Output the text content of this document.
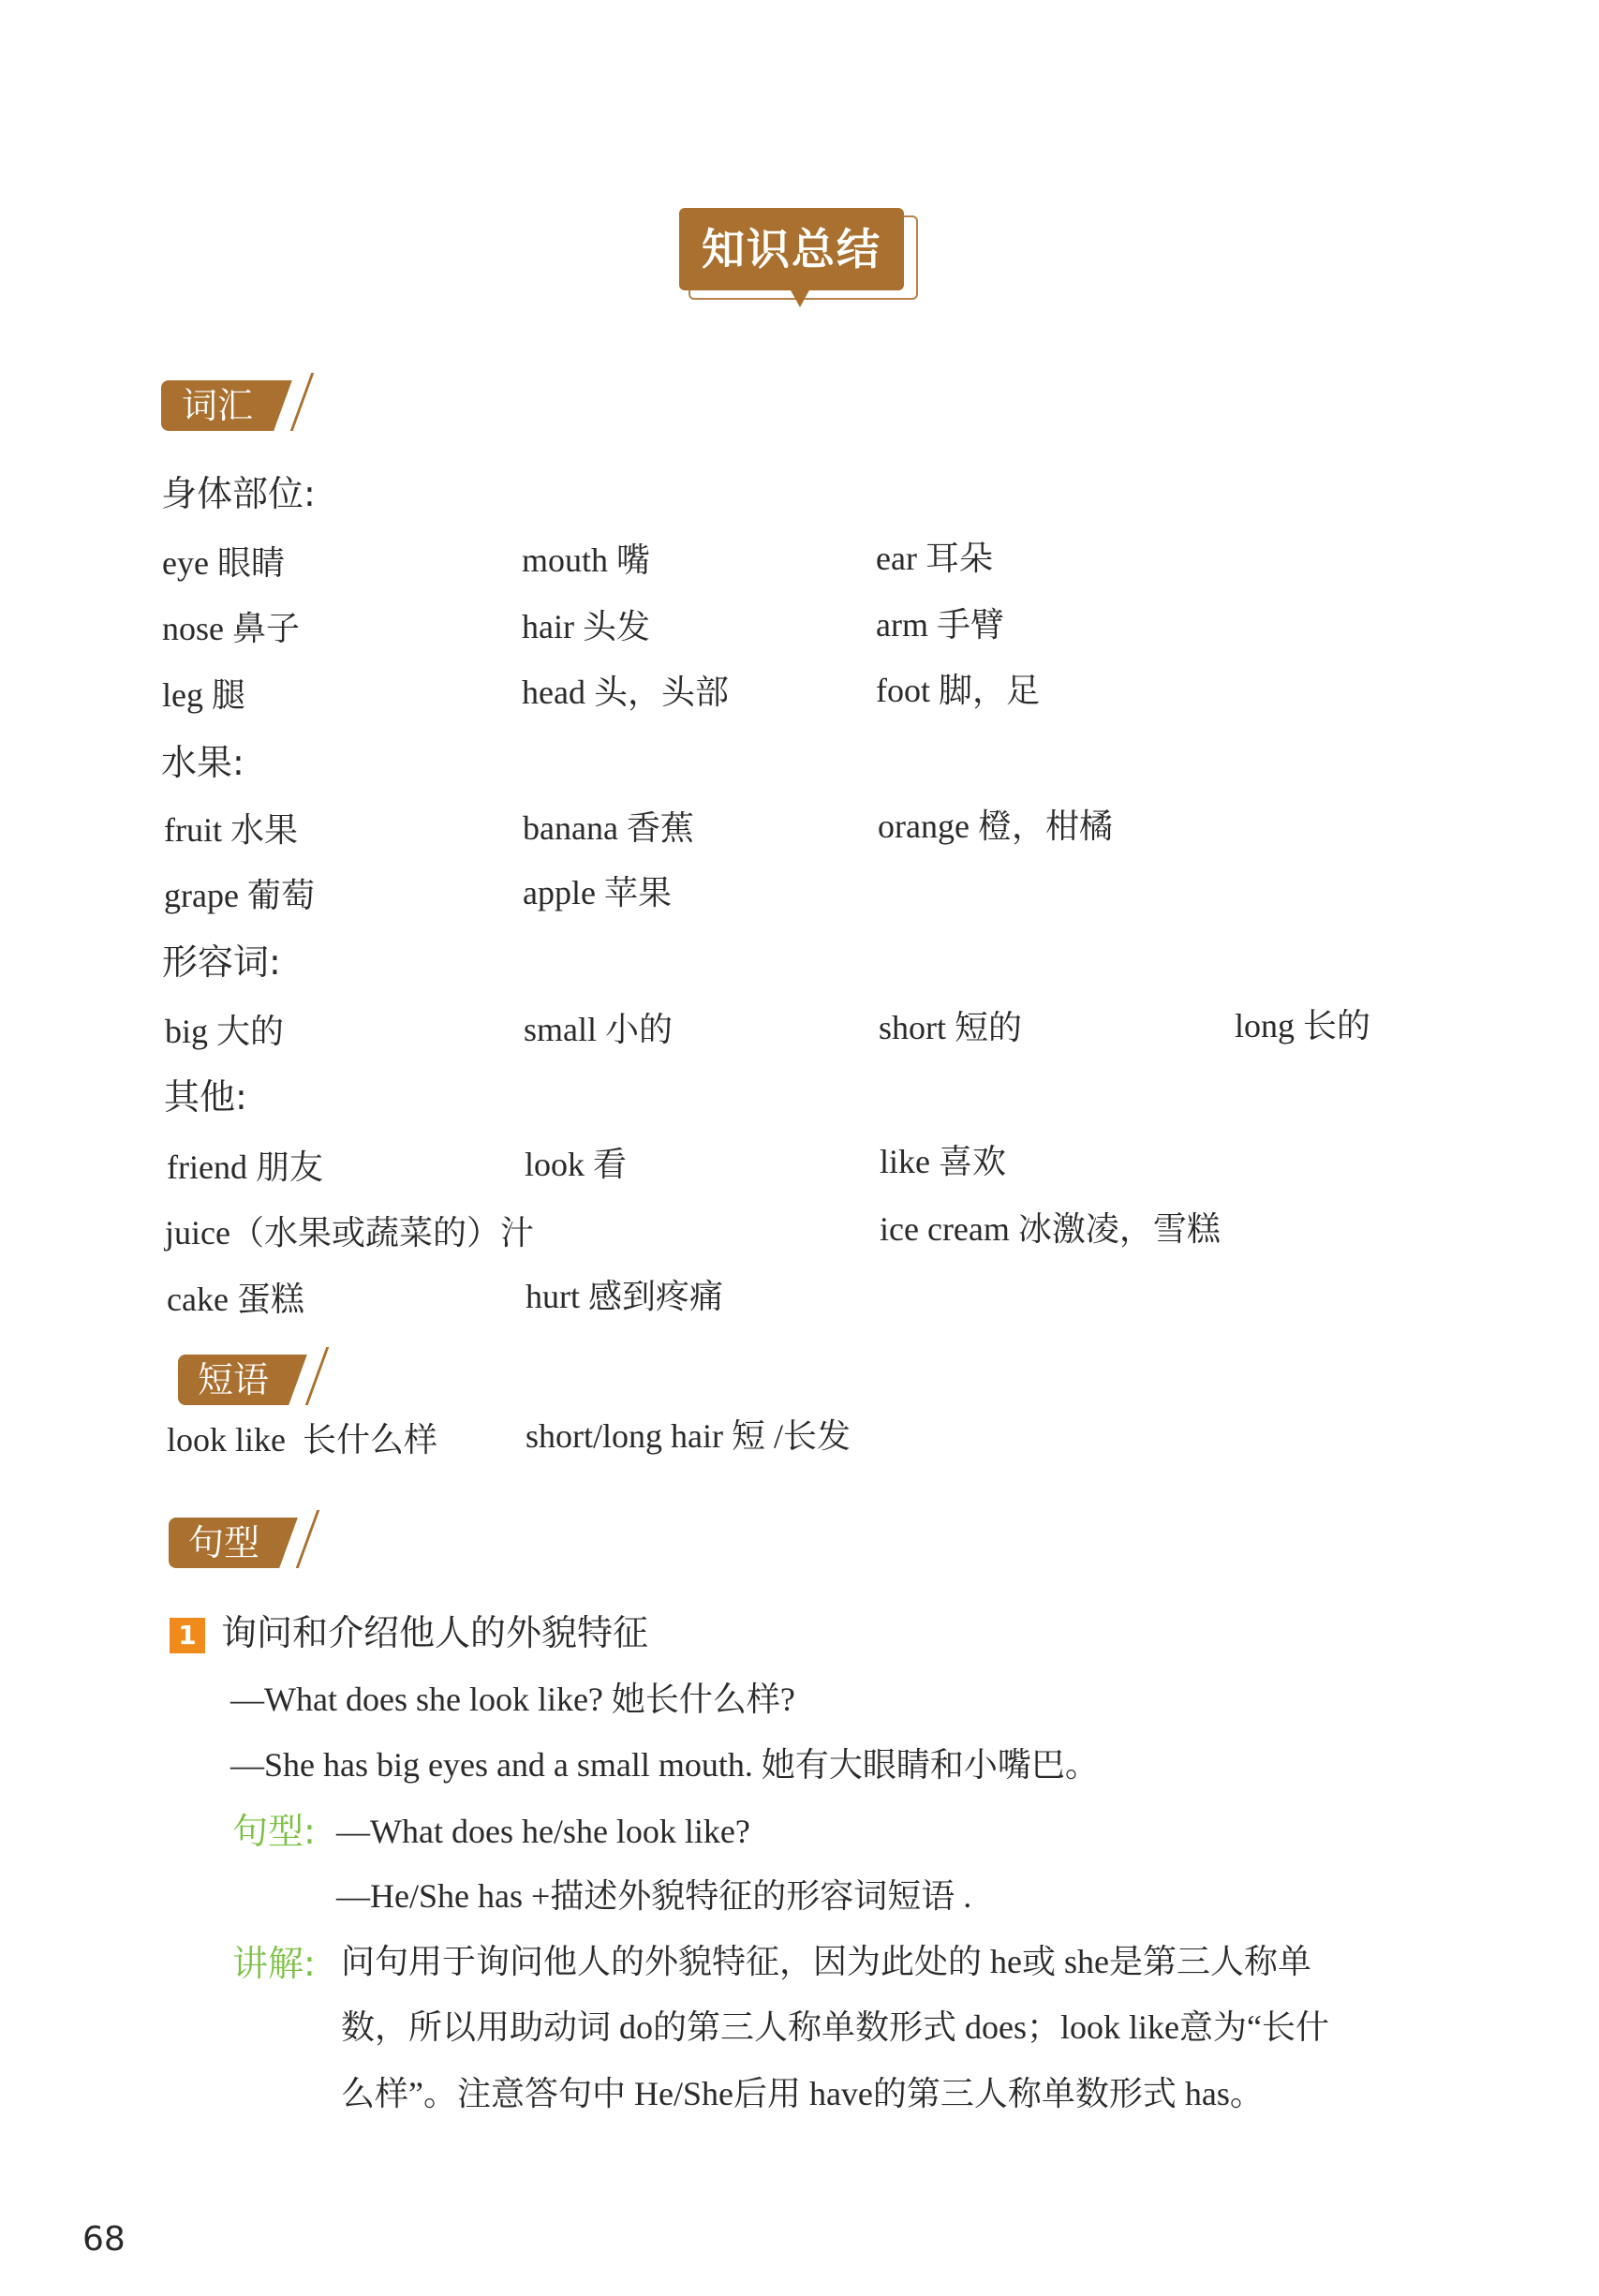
知识总结
词汇
身体部位:
eye 眼睛	mouth 嘴	ear 耳朵
nose 鼻子	hair 头发	arm 手臂
leg 腿	head 头，头部	foot 脚，足
水果:
fruit 水果	banana 香蕉	orange 橙，柑橘
grape 葡萄	apple 苹果
形容词:
big 大的	small 小的	short 短的	long 长的
其他:
friend 朋友	look 看	like 喜欢
juice（水果或蔬菜的）汁	ice cream 冰激凌，雪糕
cake 蛋糕	hurt 感到疼痛
短语
look like  长什么样	short/long hair 短 /长发
句型
1 询问和介绍他人的外貌特征
—What does she look like? 她长什么样?
—She has big eyes and a small mouth. 她有大眼睛和小嘴巴。
句型: —What does he/she look like?
—He/She has +描述外貌特征的形容词短语 .
讲解: 问句用于询问他人的外貌特征，因为此处的 he或 she是第三人称单
数，所以用助动词 do的第三人称单数形式 does；look like意为“长什
么样”。注意答句中 He/She后用 have的第三人称单数形式 has。
68
